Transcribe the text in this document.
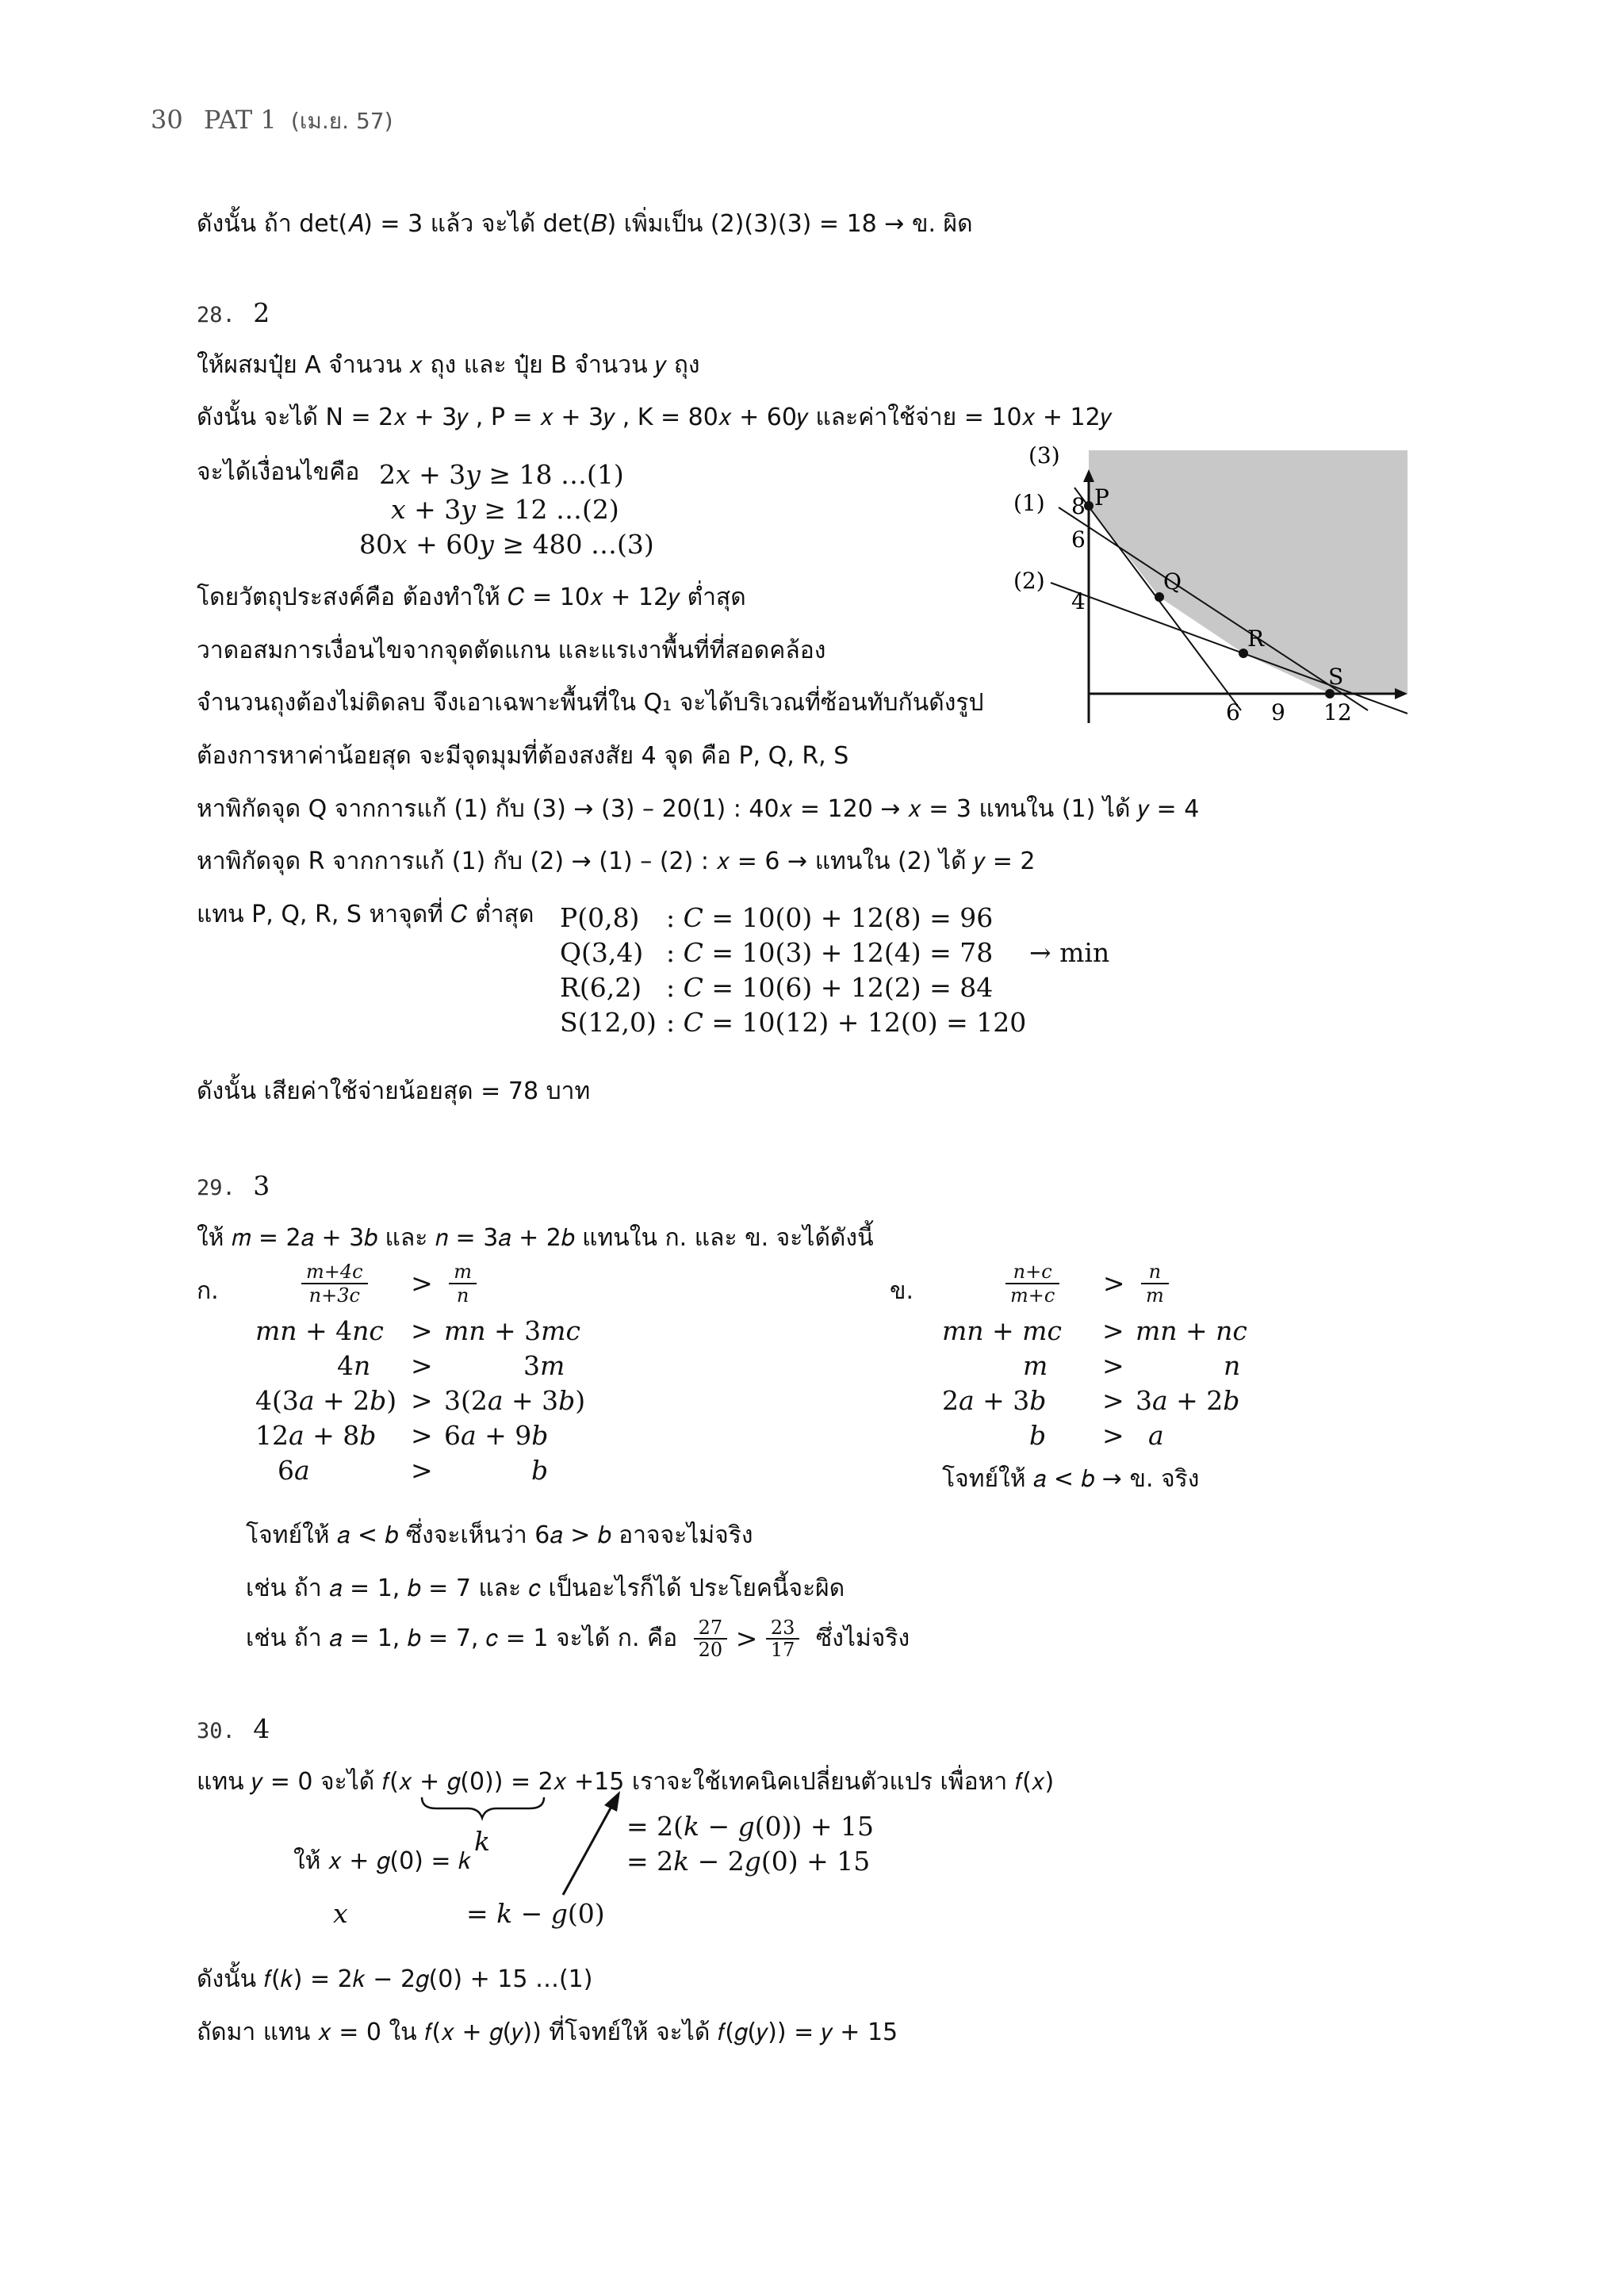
30 PAT 1 (เม.ย. 57)
ดังนั้น ถ้า det(𝐴) = 3 แล้ว จะได้ det(𝐵) เพิ่มเป็น (2)(3)(3) = 18 → ข. ผิด
28. 2
ให้ผสมปุ๋ย A จำนวน 𝑥 ถุง และ ปุ๋ย B จำนวน 𝑦 ถุง
ดังนั้น จะได้ N = 2𝑥 + 3𝑦 , P = 𝑥 + 3𝑦 , K = 80𝑥 + 60𝑦 และค่าใช้จ่าย = 10𝑥 + 12𝑦
จะได้เงื่อนไขคือ 2𝑥 + 3𝑦 ≥ 18 …(1)
𝑥 + 3𝑦 ≥ 12 …(2)
80𝑥 + 60𝑦 ≥ 480 …(3)
โดยวัตถุประสงค์คือ ต้องทำให้ 𝐶 = 10𝑥 + 12𝑦 ต่ำสุด
วาดอสมการเงื่อนไขจากจุดตัดแกน และแรเงาพื้นที่ที่สอดคล้อง
จำนวนถุงต้องไม่ติดลบ จึงเอาเฉพาะพื้นที่ใน Q₁ จะได้บริเวณที่ซ้อนทับกันดังรูป
ต้องการหาค่าน้อยสุด จะมีจุดมุมที่ต้องสงสัย 4 จุด คือ P, Q, R, S
หาพิกัดจุด Q จากการแก้ (1) กับ (3) → (3) – 20(1) : 40𝑥 = 120 → 𝑥 = 3 แทนใน (1) ได้ 𝑦 = 4
หาพิกัดจุด R จากการแก้ (1) กับ (2) → (1) – (2) : 𝑥 = 6 → แทนใน (2) ได้ 𝑦 = 2
แทน P, Q, R, S หาจุดที่ 𝐶 ต่ำสุด P(0,8) : 𝐶 = 10(0) + 12(8) = 96
Q(3,4) : 𝐶 = 10(3) + 12(4) = 78 → min
R(6,2) : 𝐶 = 10(6) + 12(2) = 84
S(12,0) : 𝐶 = 10(12) + 12(0) = 120
ดังนั้น เสียค่าใช้จ่ายน้อยสุด = 78 บาท
(3)
(1)
(2)
8
6
4
6 9 12
P
Q
R
S
29. 3
ให้ 𝑚 = 2𝑎 + 3𝑏 และ 𝑛 = 3𝑎 + 2𝑏 แทนใน ก. และ ข. จะได้ดังนี้
ก.	$\frac{m+4c}{n+3c} > \frac{m}{n}$
𝑚𝑛 + 4𝑛𝑐 > 𝑚𝑛 + 3𝑚𝑐
4𝑛 >	3𝑚
4(3𝑎 + 2𝑏) > 3(2𝑎 + 3𝑏)
12𝑎 + 8𝑏 > 6𝑎 + 9𝑏
6𝑎	>	𝑏
โจทย์ให้ 𝑎 < 𝑏 ซึ่งจะเห็นว่า 6𝑎 > 𝑏 อาจจะไม่จริง
เช่น ถ้า 𝑎 = 1, 𝑏 = 7 และ 𝑐 เป็นอะไรก็ได้ ประโยคนี้จะผิด
เช่น ถ้า 𝑎 = 1, 𝑏 = 7, 𝑐 = 1 จะได้ ก. คือ $\frac{27}{20} > \frac{23}{17}$ ซึ่งไม่จริง
ข.	$\frac{n+c}{m+c} > \frac{n}{m}$
𝑚𝑛 + 𝑚𝑐 > 𝑚𝑛 + 𝑛𝑐
𝑚 >	𝑛
2𝑎 + 3𝑏 > 3𝑎 + 2𝑏
𝑏 > 𝑎
โจทย์ให้ 𝑎 < 𝑏 → ข. จริง
30. 4
แทน 𝑦 = 0 จะได้ 𝑓(𝑥 + 𝑔(0)) = 2𝑥 +15 เราจะใช้เทคนิคเปลี่ยนตัวแปร เพื่อหา 𝑓(𝑥)
𝑘	= 2(𝑘 − 𝑔(0)) + 15
= 2𝑘 − 2𝑔(0) + 15
ให้ 𝑥 + 𝑔(0) = 𝑘
𝑥	= 𝑘 − 𝑔(0)
ดังนั้น 𝑓(𝑘) = 2𝑘 − 2𝑔(0) + 15 …(1)
ถัดมา แทน 𝑥 = 0 ใน 𝑓(𝑥 + 𝑔(𝑦)) ที่โจทย์ให้ จะได้ 𝑓(𝑔(𝑦)) = 𝑦 + 15
